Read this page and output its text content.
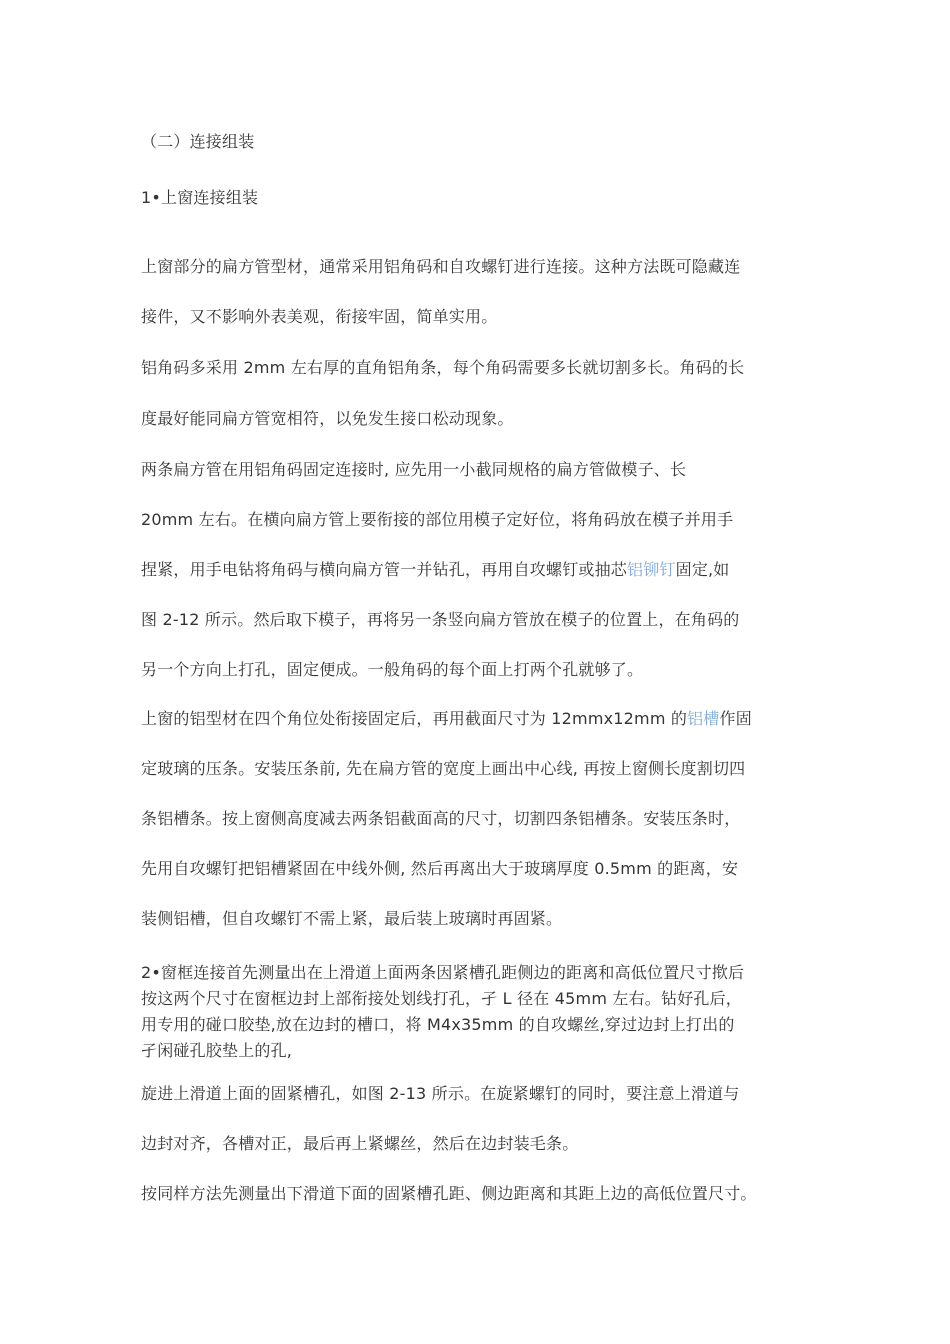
（二）连接组装
1•上窗连接组装
上窗部分的扁方管型材，通常采用铝角码和自攻螺钉进行连接。这种方法既可隐藏连
接件，又不影响外表美观，衔接牢固，简单实用。
铝角码多采用 2mm 左右厚的直角铝角条，每个角码需要多长就切割多长。角码的长
度最好能同扁方管宽相符，以免发生接口松动现象。
两条扁方管在用铝角码固定连接时, 应先用一小截同规格的扁方管做模子、长
20mm 左右。在横向扁方管上要衔接的部位用模子定好位，将角码放在模子并用手
捏紧，用手电钻将角码与横向扁方管一并钻孔，再用自攻螺钉或抽芯铝铆钉固定,如
图 2-12 所示。然后取下模子，再将另一条竖向扁方管放在模子的位置上，在角码的
另一个方向上打孔，固定便成。一般角码的每个面上打两个孔就够了。
上窗的铝型材在四个角位处衔接固定后，再用截面尺寸为 12mmx12mm 的铝槽作固
定玻璃的压条。安装压条前, 先在扁方管的宽度上画出中心线, 再按上窗侧长度割切四
条铝槽条。按上窗侧高度减去两条铝截面高的尺寸，切割四条铝槽条。安装压条时，
先用自攻螺钉把铝槽紧固在中线外侧, 然后再离出大于玻璃厚度 0.5mm 的距离，安
装侧铝槽，但自攻螺钉不需上紧，最后装上玻璃时再固紧。
2•窗框连接首先测量出在上滑道上面两条因紧槽孔距侧边的距离和高低位置尺寸揿后
按这两个尺寸在窗框边封上部衔接处划线打孔，孑 L 径在 45mm 左右。钻好孔后，
用专用的碰口胶垫,放在边封的槽口，将 M4x35mm 的自攻螺丝,穿过边封上打出的
孑闲碰孔胶垫上的孔,
旋进上滑道上面的固紧槽孔，如图 2-13 所示。在旋紧螺钉的同时，要注意上滑道与
边封对齐，各槽对正，最后再上紧螺丝，然后在边封装毛条。
按同样方法先测量出下滑道下面的固紧槽孔距、侧边距离和其距上边的高低位置尺寸。
